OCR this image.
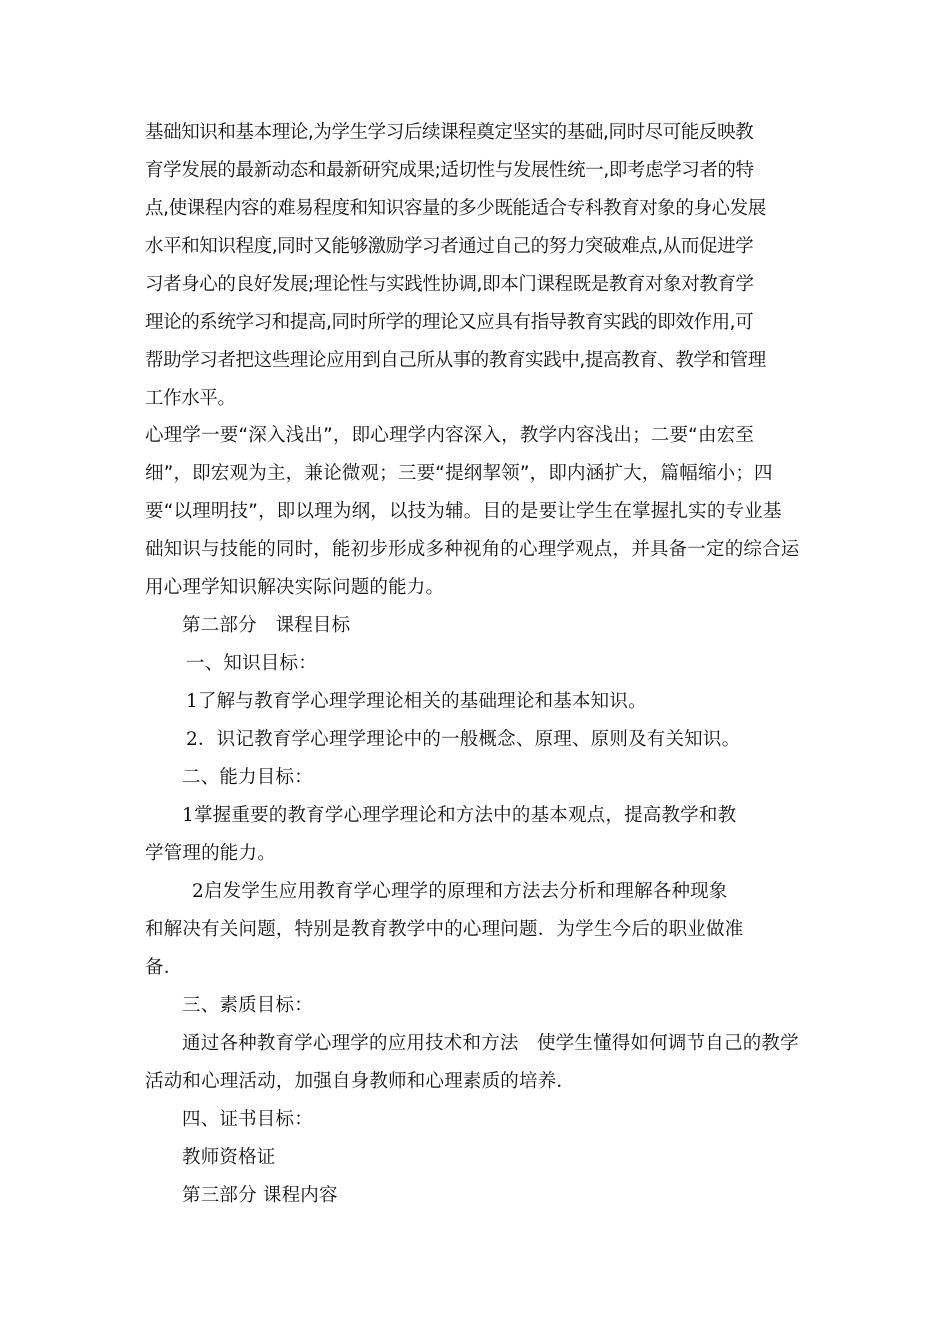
基础知识和基本理论,为学生学习后续课程奠定坚实的基础,同时尽可能反映教
育学发展的最新动态和最新研究成果;适切性与发展性统一,即考虑学习者的特
点,使课程内容的难易程度和知识容量的多少既能适合专科教育对象的身心发展
水平和知识程度,同时又能够激励学习者通过自己的努力突破难点,从而促进学
习者身心的良好发展;理论性与实践性协调,即本门课程既是教育对象对教育学
理论的系统学习和提高,同时所学的理论又应具有指导教育实践的即效作用,可
帮助学习者把这些理论应用到自己所从事的教育实践中,提高教育、教学和管理
工作水平。
心理学一要“深入浅出”，即心理学内容深入，教学内容浅出；二要“由宏至
细”，即宏观为主，兼论微观；三要“提纲挈领”，即内涵扩大，篇幅缩小；四
要“以理明技”，即以理为纲，以技为辅。目的是要让学生在掌握扎实的专业基
础知识与技能的同时，能初步形成多种视角的心理学观点，并具备一定的综合运
用心理学知识解决实际问题的能力。
第二部分　课程目标
一、知识目标：
1了解与教育学心理学理论相关的基础理论和基本知识。
2．识记教育学心理学理论中的一般概念、原理、原则及有关知识。
二、能力目标：
1掌握重要的教育学心理学理论和方法中的基本观点，提高教学和教
学管理的能力。
2启发学生应用教育学心理学的原理和方法去分析和理解各种现象
和解决有关问题，特别是教育教学中的心理问题．为学生今后的职业做准
备．
三、素质目标：
通过各种教育学心理学的应用技术和方法 使学生懂得如何调节自己的教学
活动和心理活动，加强自身教师和心理素质的培养．
四、证书目标：
教师资格证
第三部分 课程内容
